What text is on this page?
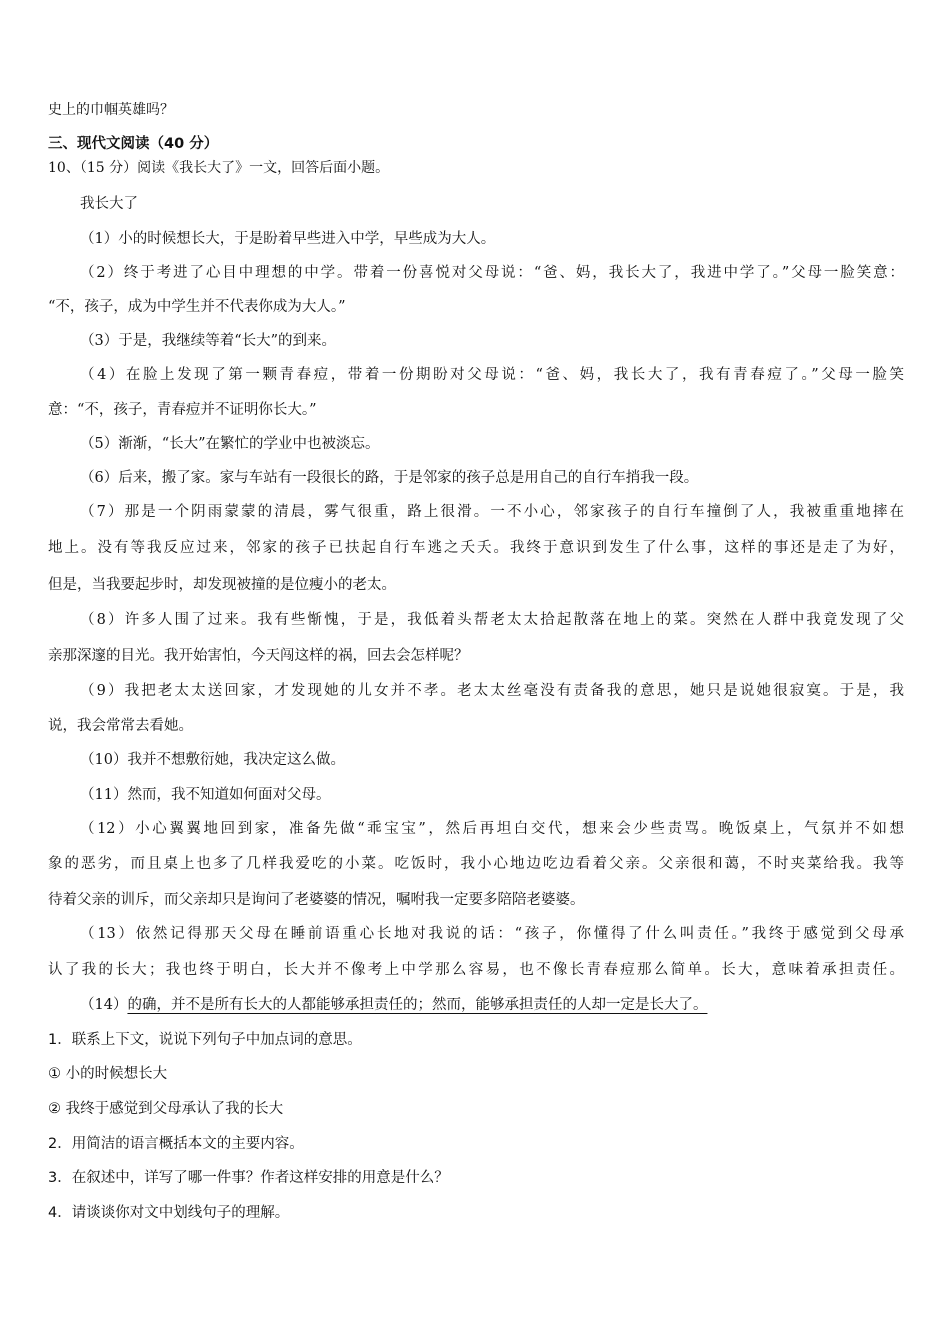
史上的巾帼英雄吗？
三、现代文阅读（40 分）
10、（15 分）阅读《我长大了》一文，回答后面小题。
我长大了
（1）小的时候想长大，于是盼着早些进入中学，早些成为大人。
（2）终于考进了心目中理想的中学。带着一份喜悦对父母说：“爸、妈，我长大了，我进中学了。”父母一脸笑意：
“不，孩子，成为中学生并不代表你成为大人。”
（3）于是，我继续等着“长大”的到来。
（4）在脸上发现了第一颗青春痘，带着一份期盼对父母说：“爸、妈，我长大了，我有青春痘了。”父母一脸笑
意：“不，孩子，青春痘并不证明你长大。”
（5）渐渐，“长大”在繁忙的学业中也被淡忘。
（6）后来，搬了家。家与车站有一段很长的路，于是邻家的孩子总是用自己的自行车捎我一段。
（7）那是一个阴雨蒙蒙的清晨，雾气很重，路上很滑。一不小心，邻家孩子的自行车撞倒了人，我被重重地摔在
地上。没有等我反应过来，邻家的孩子已扶起自行车逃之夭夭。我终于意识到发生了什么事，这样的事还是走了为好，
但是，当我要起步时，却发现被撞的是位瘦小的老太。
（8）许多人围了过来。我有些惭愧，于是，我低着头帮老太太拾起散落在地上的菜。突然在人群中我竟发现了父
亲那深邃的目光。我开始害怕，今天闯这样的祸，回去会怎样呢？
（9）我把老太太送回家，才发现她的儿女并不孝。老太太丝毫没有责备我的意思，她只是说她很寂寞。于是，我
说，我会常常去看她。
（10）我并不想敷衍她，我决定这么做。
（11）然而，我不知道如何面对父母。
（12）小心翼翼地回到家，准备先做“乖宝宝”，然后再坦白交代，想来会少些责骂。晚饭桌上，气氛并不如想
象的恶劣，而且桌上也多了几样我爱吃的小菜。吃饭时，我小心地边吃边看着父亲。父亲很和蔼，不时夹菜给我。我等
待着父亲的训斥，而父亲却只是询问了老婆婆的情况，嘱咐我一定要多陪陪老婆婆。
（13）依然记得那天父母在睡前语重心长地对我说的话：“孩子，你懂得了什么叫责任。”我终于感觉到父母承
认了我的长大；我也终于明白，长大并不像考上中学那么容易，也不像长青春痘那么简单。长大，意味着承担责任。
（14）的确，并不是所有长大的人都能够承担责任的；然而，能够承担责任的人却一定是长大了。
1．联系上下文，说说下列句子中加点词的意思。
① 小的时候想长大
② 我终于感觉到父母承认了我的长大
2．用简洁的语言概括本文的主要内容。
3．在叙述中，详写了哪一件事？作者这样安排的用意是什么？
4．请谈谈你对文中划线句子的理解。
